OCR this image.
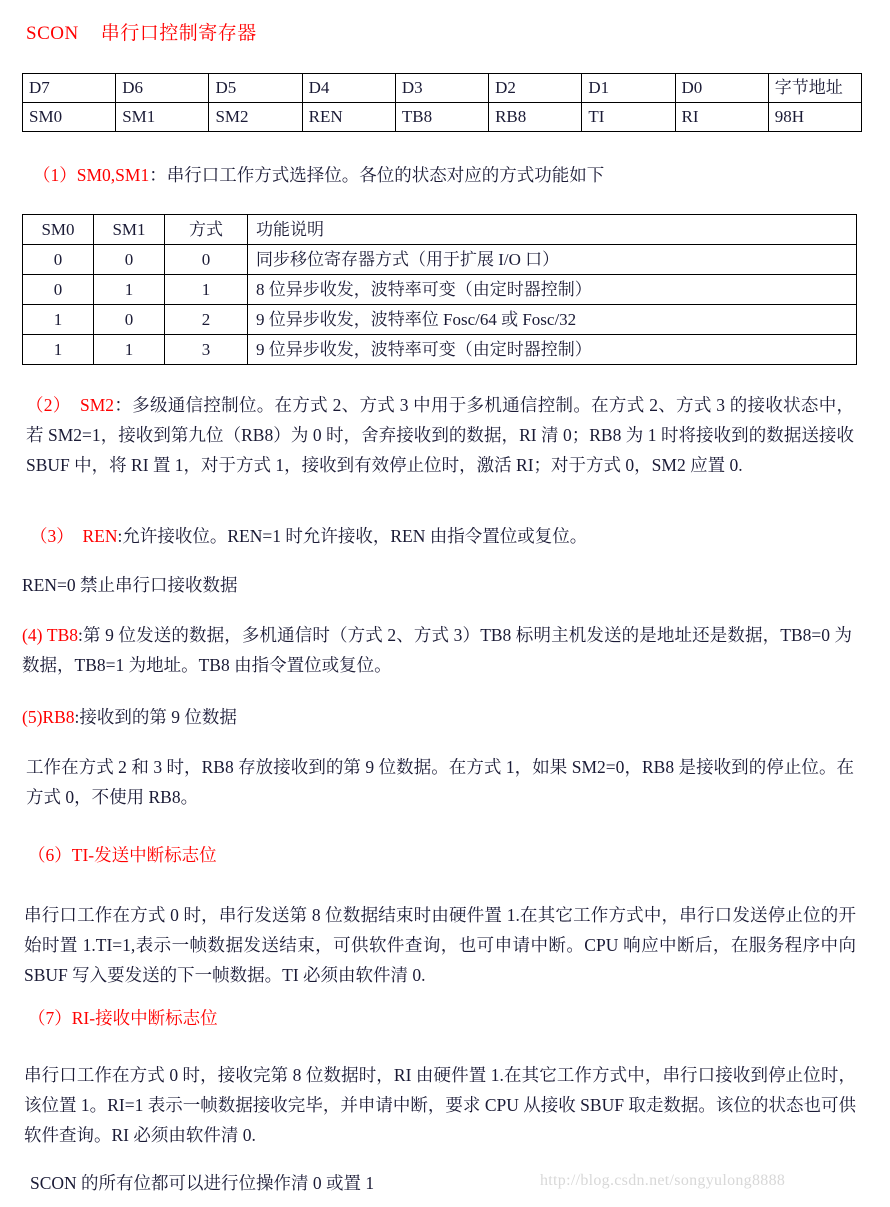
SCON 串行口控制寄存器
D7	D6	D5	D4	D3	D2	D1	D0	字节地址
SM0	SM1	SM2	REN	TB8	RB8	TI	RI	98H
（1）SM0,SM1：串行口工作方式选择位。各位的状态对应的方式功能如下
SM0	SM1	方式	功能说明
0	0	0	同步移位寄存器方式（用于扩展 I/O 口）
0	1	1	8 位异步收发，波特率可变（由定时器控制）
1	0	2	9 位异步收发，波特率位 Fosc/64 或 Fosc/32
1	1	3	9 位异步收发，波特率可变（由定时器控制）
（2） SM2：多级通信控制位。在方式 2、方式 3 中用于多机通信控制。在方式 2、方式 3 的接收状态中，若 SM2=1，接收到第九位（RB8）为 0 时，舍弃接收到的数据，RI 清 0；RB8 为 1 时将接收到的数据送接收 SBUF 中，将 RI 置 1，对于方式 1，接收到有效停止位时，激活 RI；对于方式 0，SM2 应置 0.
（3） REN:允许接收位。REN=1 时允许接收，REN 由指令置位或复位。
REN=0 禁止串行口接收数据
(4) TB8:第 9 位发送的数据，多机通信时（方式 2、方式 3）TB8 标明主机发送的是地址还是数据，TB8=0 为数据，TB8=1 为地址。TB8 由指令置位或复位。
(5)RB8:接收到的第 9 位数据
工作在方式 2 和 3 时，RB8 存放接收到的第 9 位数据。在方式 1，如果 SM2=0，RB8 是接收到的停止位。在方式 0，不使用 RB8。
（6）TI-发送中断标志位
串行口工作在方式 0 时，串行发送第 8 位数据结束时由硬件置 1.在其它工作方式中，串行口发送停止位的开始时置 1.TI=1,表示一帧数据发送结束，可供软件查询，也可申请中断。CPU 响应中断后，在服务程序中向 SBUF 写入要发送的下一帧数据。TI 必须由软件清 0.
（7）RI-接收中断标志位
串行口工作在方式 0 时，接收完第 8 位数据时，RI 由硬件置 1.在其它工作方式中，串行口接收到停止位时，该位置 1。RI=1 表示一帧数据接收完毕，并申请中断，要求 CPU 从接收 SBUF 取走数据。该位的状态也可供软件查询。RI 必须由软件清 0.
SCON 的所有位都可以进行位操作清 0 或置 1	http://blog.csdn.net/songyulong8888
